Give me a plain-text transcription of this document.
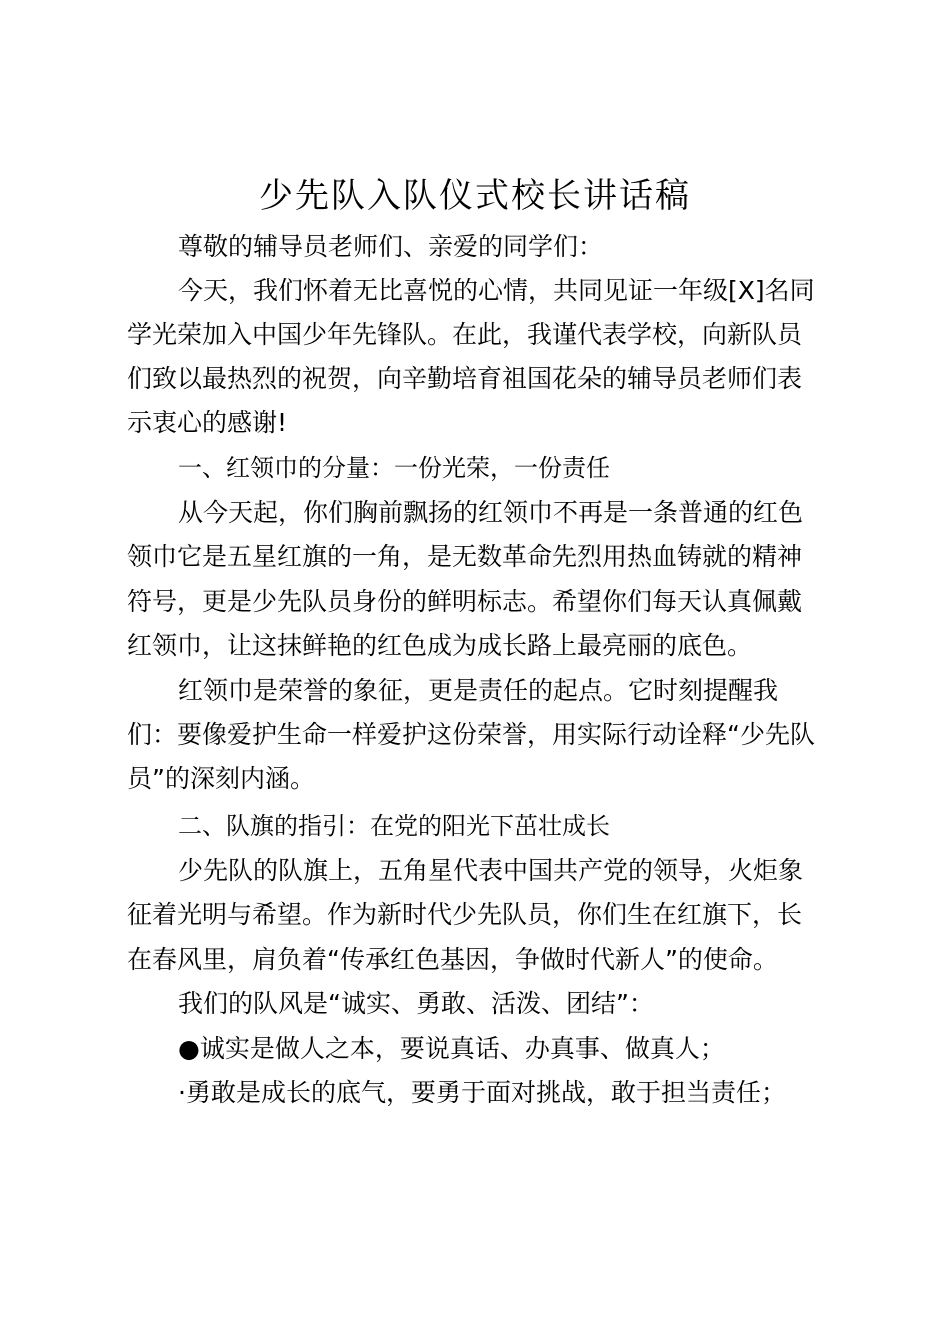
少先队入队仪式校长讲话稿
尊敬的辅导员老师们、亲爱的同学们：
今天，我们怀着无比喜悦的心情，共同见证一年级[X]名同
学光荣加入中国少年先锋队。在此，我谨代表学校，向新队员
们致以最热烈的祝贺，向辛勤培育祖国花朵的辅导员老师们表
示衷心的感谢!
一、红领巾的分量：一份光荣，一份责任
从今天起，你们胸前飘扬的红领巾不再是一条普通的红色
领巾它是五星红旗的一角，是无数革命先烈用热血铸就的精神
符号，更是少先队员身份的鲜明标志。希望你们每天认真佩戴
红领巾，让这抹鲜艳的红色成为成长路上最亮丽的底色。
红领巾是荣誉的象征，更是责任的起点。它时刻提醒我
们：要像爱护生命一样爱护这份荣誉，用实际行动诠释“少先队
员”的深刻内涵。
二、队旗的指引：在党的阳光下茁壮成长
少先队的队旗上，五角星代表中国共产党的领导，火炬象
征着光明与希望。作为新时代少先队员，你们生在红旗下，长
在春风里，肩负着“传承红色基因，争做时代新人”的使命。
我们的队风是“诚实、勇敢、活泼、团结”：
●诚实是做人之本，要说真话、办真事、做真人；
·勇敢是成长的底气，要勇于面对挑战，敢于担当责任；
